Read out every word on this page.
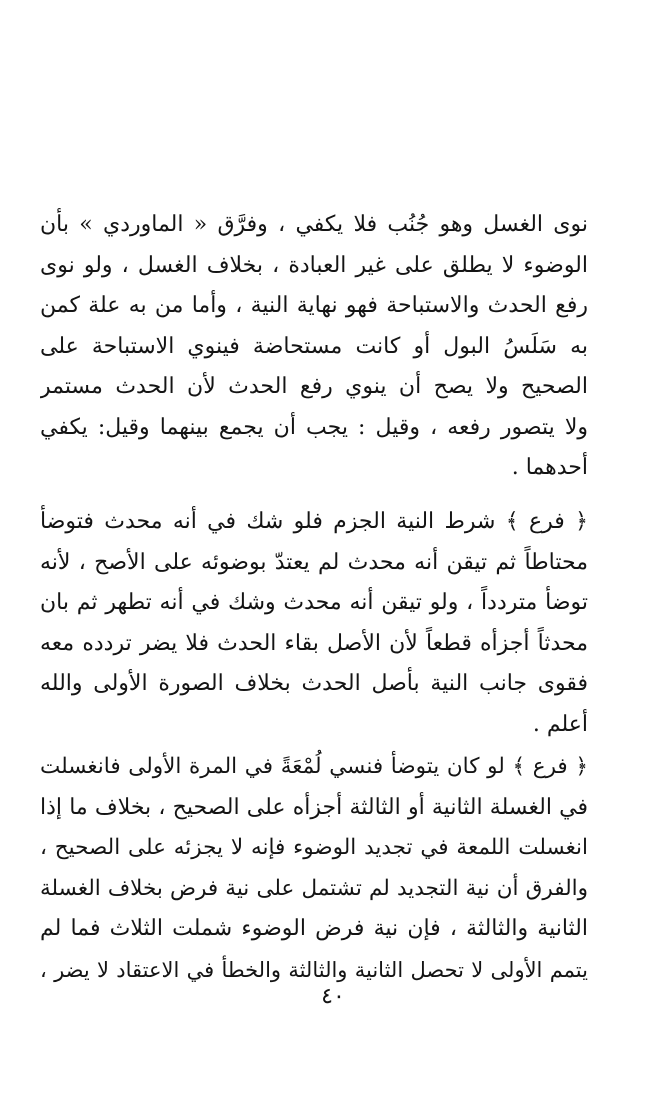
نوى الغسل وهو جُنُب فلا يكفي ، وفرَّق « الماوردي » بأن
الوضوء لا يطلق على غير العبادة ، بخلاف الغسل ، ولو نوى
رفع الحدث والاستباحة فهو نهاية النية ، وأما من به علة كمن
به سَلَسُ البول أو كانت مستحاضة فينوي الاستباحة على
الصحيح ولا يصح أن ينوي رفع الحدث لأن الحدث مستمر
ولا يتصور رفعه ، وقيل : يجب أن يجمع بينهما وقيل: يكفي
أحدهما .
﴿ فرع ﴾ شرط النية الجزم فلو شك في أنه محدث فتوضأ
محتاطاً ثم تيقن أنه محدث لم يعتدّ بوضوئه على الأصح ، لأنه
توضأ متردداً ، ولو تيقن أنه محدث وشك في أنه تطهر ثم بان
محدثاً أجزأه قطعاً لأن الأصل بقاء الحدث فلا يضر تردده معه
فقوى جانب النية بأصل الحدث بخلاف الصورة الأولى والله
أعلم .
﴿ فرع ﴾ لو كان يتوضأ فنسي لُمْعَةً في المرة الأولى فانغسلت
في الغسلة الثانية أو الثالثة أجزأه على الصحيح ، بخلاف ما إذا
انغسلت اللمعة في تجديد الوضوء فإنه لا يجزئه على الصحيح ،
والفرق أن نية التجديد لم تشتمل على نية فرض بخلاف الغسلة
الثانية والثالثة ، فإن نية فرض الوضوء شملت الثلاث فما لم
يتمم الأولى لا تحصل الثانية والثالثة والخطأ في الاعتقاد لا يضر ،
٤٠
